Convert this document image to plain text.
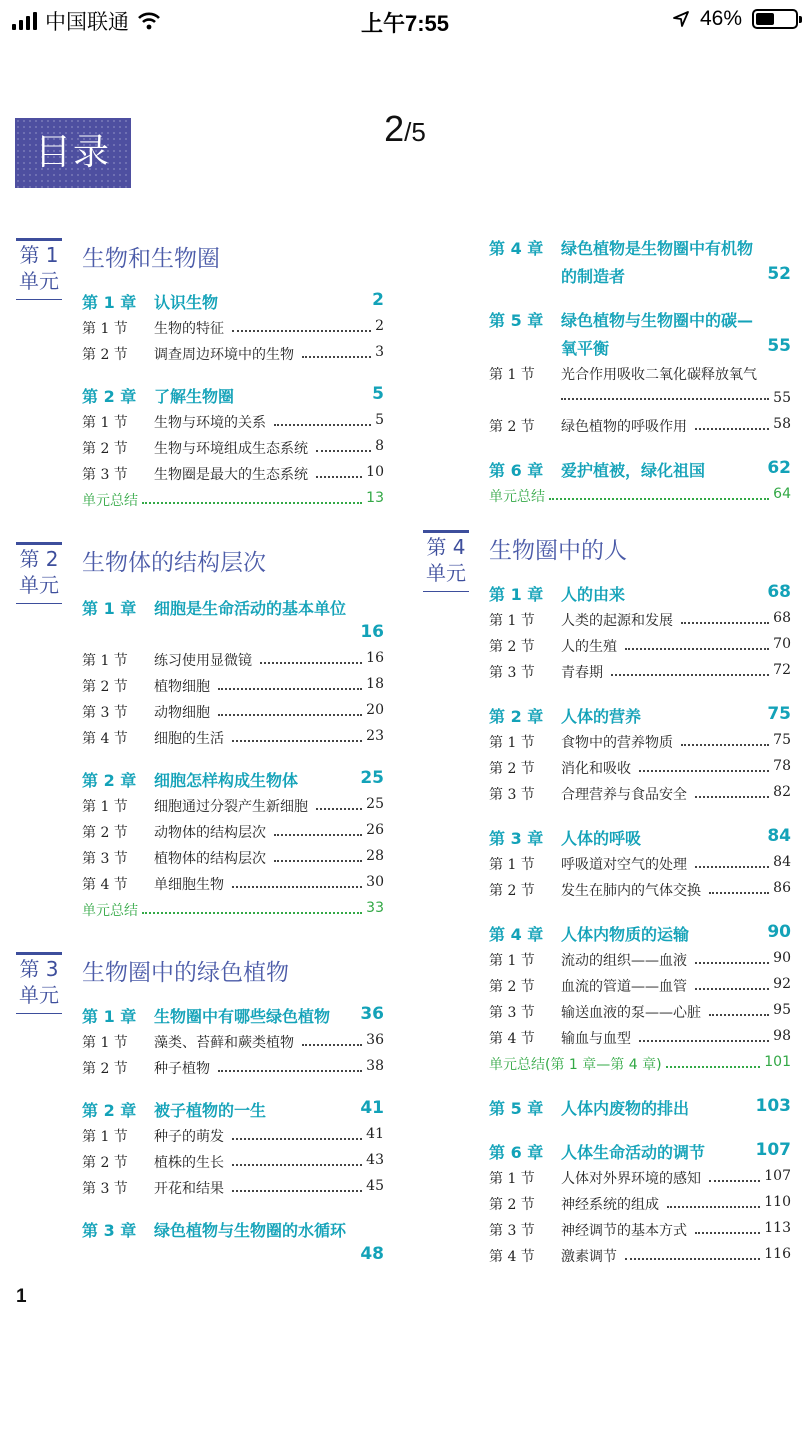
中国联通	上午7:55	46%
2/5
目录
第 1 单元
生物和生物圈
第 1 章	认识生物	2
第 1 节	生物的特征	2
第 2 节	调查周边环境中的生物	3
第 2 章	了解生物圈	5
第 1 节	生物与环境的关系	5
第 2 节	生物与环境组成生态系统	8
第 3 节	生物圈是最大的生态系统	10
单元总结	13
第 2 单元
生物体的结构层次
第 1 章	细胞是生命活动的基本单位
16
第 1 节	练习使用显微镜	16
第 2 节	植物细胞	18
第 3 节	动物细胞	20
第 4 节	细胞的生活	23
第 2 章	细胞怎样构成生物体	25
第 1 节	细胞通过分裂产生新细胞	25
第 2 节	动物体的结构层次	26
第 3 节	植物体的结构层次	28
第 4 节	单细胞生物	30
单元总结	33
第 3 单元
生物圈中的绿色植物
第 1 章	生物圈中有哪些绿色植物	36
第 1 节	藻类、苔藓和蕨类植物	36
第 2 节	种子植物	38
第 2 章	被子植物的一生	41
第 1 节	种子的萌发	41
第 2 节	植株的生长	43
第 3 节	开花和结果	45
第 3 章	绿色植物与生物圈的水循环
48
1
第 4 章	绿色植物是生物圈中有机物
的制造者	52
第 5 章	绿色植物与生物圈中的碳—
氧平衡	55
第 1 节	光合作用吸收二氧化碳释放氧气
55
第 2 节	绿色植物的呼吸作用	58
第 6 章	爱护植被，绿化祖国	62
单元总结	64
第 4 单元
生物圈中的人
第 1 章	人的由来	68
第 1 节	人类的起源和发展	68
第 2 节	人的生殖	70
第 3 节	青春期	72
第 2 章	人体的营养	75
第 1 节	食物中的营养物质	75
第 2 节	消化和吸收	78
第 3 节	合理营养与食品安全	82
第 3 章	人体的呼吸	84
第 1 节	呼吸道对空气的处理	84
第 2 节	发生在肺内的气体交换	86
第 4 章	人体内物质的运输	90
第 1 节	流动的组织——血液	90
第 2 节	血流的管道——血管	92
第 3 节	输送血液的泵——心脏	95
第 4 节	输血与血型	98
单元总结(第 1 章—第 4 章)	101
第 5 章	人体内废物的排出	103
第 6 章	人体生命活动的调节	107
第 1 节	人体对外界环境的感知	107
第 2 节	神经系统的组成	110
第 3 节	神经调节的基本方式	113
第 4 节	激素调节	116
